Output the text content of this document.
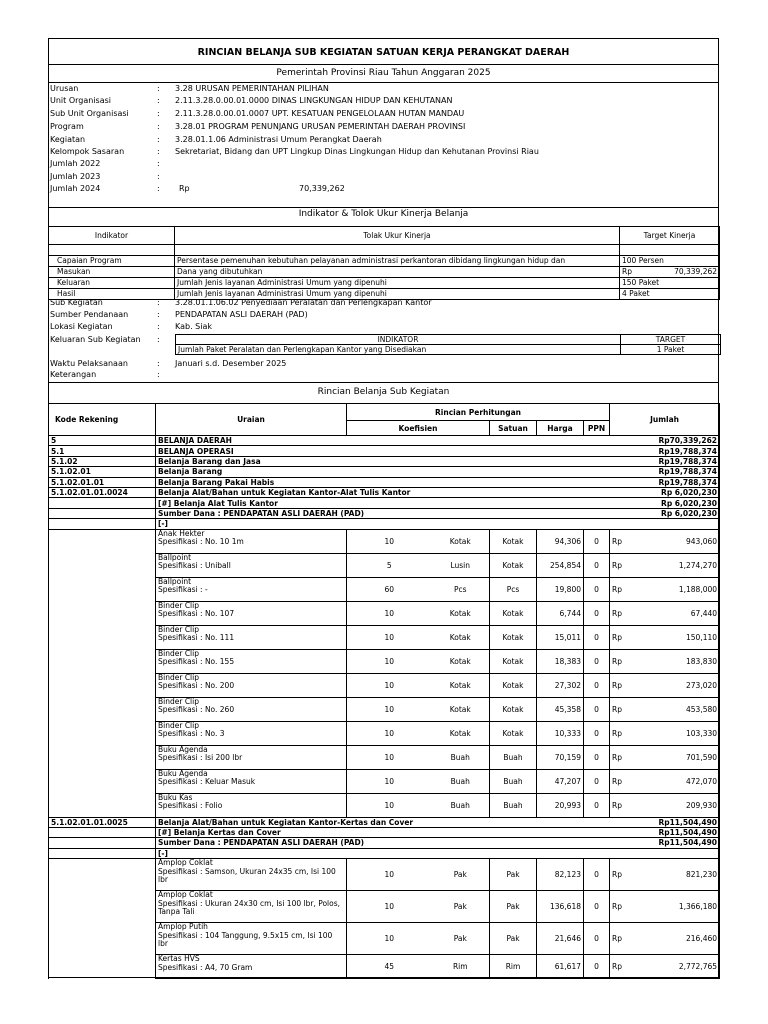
RINCIAN BELANJA SUB KEGIATAN SATUAN KERJA PERANGKAT DAERAH
Pemerintah Provinsi Riau Tahun Anggaran 2025
Urusan	: 3.28 URUSAN PEMERINTAHAN PILIHAN
Unit Organisasi	: 2.11.3.28.0.00.01.0000 DINAS LINGKUNGAN HIDUP DAN KEHUTANAN
Sub Unit Organisasi	: 2.11.3.28.0.00.01.0007 UPT. KESATUAN PENGELOLAAN HUTAN MANDAU
Program	: 3.28.01 PROGRAM PENUNJANG URUSAN PEMERINTAH DAERAH PROVINSI
Kegiatan	: 3.28.01.1.06 Administrasi Umum Perangkat Daerah
Kelompok Sasaran	: Sekretariat, Bidang dan UPT Lingkup Dinas Lingkungan Hidup dan Kehutanan Provinsi Riau
Jumlah 2022	:
Jumlah 2023	:
Jumlah 2024	: Rp	70,339,262
Indikator & Tolok Ukur Kinerja Belanja
Indikator	Tolak Ukur Kinerja	Target Kinerja	

Capaian Program	Persentase pemenuhan kebutuhan pelayanan administrasi perkantoran dibidang lingkungan hidup dan	100 Persen	
Masukan	Dana yang dibutuhkan	Rp	70,339,262
Keluaran	Jumlah Jenis layanan Administrasi Umum yang dipenuhi	150 Paket	
Hasil	Jumlah Jenis layanan Administrasi Umum yang dipenuhi	4 Paket	
Sub Kegiatan	: 3.28.01.1.06.02 Penyediaan Peralatan dan Perlengkapan Kantor
Sumber Pendanaan	: PENDAPATAN ASLI DAERAH (PAD)
Lokasi Kegiatan	: Kab. Siak
Keluaran Sub Kegiatan :	INDIKATOR	TARGET
Jumlah Paket Peralatan dan Perlengkapan Kantor yang Disediakan	1 Paket
Waktu Pelaksanaan	: Januari s.d. Desember 2025
Keterangan	:
Rincian Belanja Sub Kegiatan
Kode Rekening	Uraian	Rincian Perhitungan					Jumlah	
		Koefisien		Satuan	Harga	PPN		
5	BELANJA DAERAH						Rp70,339,262	
5.1	BELANJA OPERASI						Rp19,788,374	
5.1.02	Belanja Barang dan Jasa						Rp19,788,374	
5.1.02.01	Belanja Barang						Rp19,788,374	
5.1.02.01.01	Belanja Barang Pakai Habis						Rp19,788,374	
5.1.02.01.01.0024	Belanja Alat/Bahan untuk Kegiatan Kantor-Alat Tulis Kantor						Rp 6,020,230	
	[#] Belanja Alat Tulis Kantor						Rp 6,020,230	
	Sumber Dana : PENDAPATAN ASLI DAERAH (PAD)						Rp 6,020,230	
	[-]							

	Anak Hekter
Spesifikasi : No. 10 1m	10	Kotak	Kotak	94,306	0	Rp	943,060

	Ballpoint
Spesifikasi : Uniball	5	Lusin	Kotak	254,854	0	Rp	1,274,270

	Ballpoint
Spesifikasi : -	60	Pcs	Pcs	19,800	0	Rp	1,188,000

	Binder Clip
Spesifikasi : No. 107	10	Kotak	Kotak	6,744	0	Rp	67,440

	Binder Clip
Spesifikasi : No. 111	10	Kotak	Kotak	15,011	0	Rp	150,110

	Binder Clip
Spesifikasi : No. 155	10	Kotak	Kotak	18,383	0	Rp	183,830

	Binder Clip
Spesifikasi : No. 200	10	Kotak	Kotak	27,302	0	Rp	273,020

	Binder Clip
Spesifikasi : No. 260	10	Kotak	Kotak	45,358	0	Rp	453,580

	Binder Clip
Spesifikasi : No. 3	10	Kotak	Kotak	10,333	0	Rp	103,330

	Buku Agenda
Spesifikasi : Isi 200 lbr	10	Buah	Buah	70,159	0	Rp	701,590

	Buku Agenda
Spesifikasi : Keluar Masuk	10	Buah	Buah	47,207	0	Rp	472,070

	Buku Kas
Spesifikasi : Folio	10	Buah	Buah	20,993	0	Rp	209,930
5.1.02.01.01.0025	Belanja Alat/Bahan untuk Kegiatan Kantor-Kertas dan Cover						Rp11,504,490	
	[#] Belanja Kertas dan Cover						Rp11,504,490	
	Sumber Dana : PENDAPATAN ASLI DAERAH (PAD)						Rp11,504,490	
	[-]							

	Amplop Coklat
Spesifikasi : Samson, Ukuran 24x35 cm, Isi 100 lbr	10	Pak	Pak	82,123	0	Rp	821,230

	Amplop Coklat
Spesifikasi : Ukuran 24x30 cm, Isi 100 lbr, Polos, Tanpa Tali	10	Pak	Pak	136,618	0	Rp	1,366,180

	Amplop Putih
Spesifikasi : 104 Tanggung, 9.5x15 cm, Isi 100 lbr	10	Pak	Pak	21,646	0	Rp	216,460

	Kertas HVS
Spesifikasi : A4, 70 Gram	45	Rim	Rim	61,617	0	Rp	2,772,765
